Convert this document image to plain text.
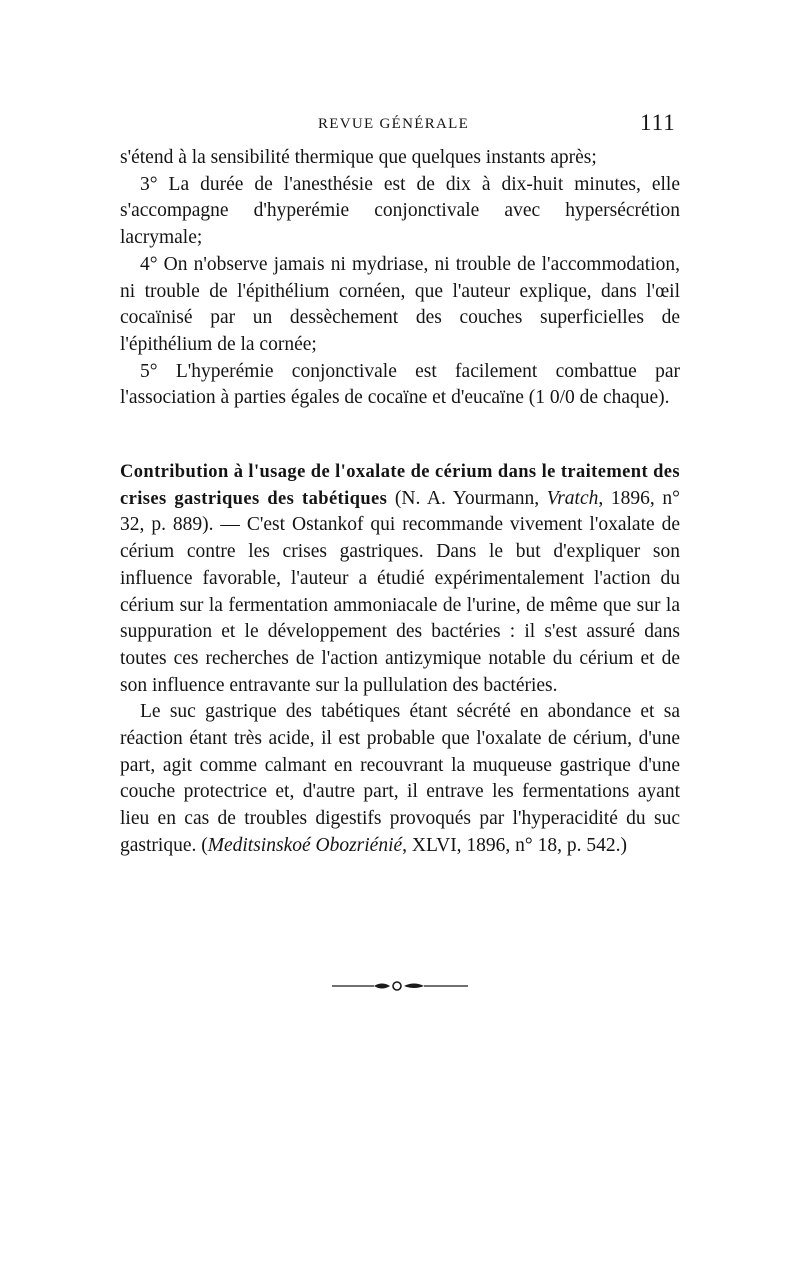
REVUE GÉNÉRALE	111

s'étend à la sensibilité thermique que quelques instants après;

3° La durée de l'anesthésie est de dix à dix-huit minutes, elle s'accompagne d'hyperémie conjonctivale avec hypersécrétion lacrymale;

4° On n'observe jamais ni mydriase, ni trouble de l'accommodation, ni trouble de l'épithélium cornéen, que l'auteur explique, dans l'œil cocaïnisé par un dessèchement des couches superficielles de l'épithélium de la cornée;

5° L'hyperémie conjonctivale est facilement combattue par l'association à parties égales de cocaïne et d'eucaïne (1 0/0 de chaque).

Contribution à l'usage de l'oxalate de cérium dans le traitement des crises gastriques des tabétiques (N. A. Yourmann, Vratch, 1896, n° 32, p. 889). — C'est Ostankof qui recommande vivement l'oxalate de cérium contre les crises gastriques. Dans le but d'expliquer son influence favorable, l'auteur a étudié expérimentalement l'action du cérium sur la fermentation ammoniacale de l'urine, de même que sur la suppuration et le développement des bactéries : il s'est assuré dans toutes ces recherches de l'action antizymique notable du cérium et de son influence entravante sur la pullulation des bactéries.

Le suc gastrique des tabétiques étant sécrété en abondance et sa réaction étant très acide, il est probable que l'oxalate de cérium, d'une part, agit comme calmant en recouvrant la muqueuse gastrique d'une couche protectrice et, d'autre part, il entrave les fermentations ayant lieu en cas de troubles digestifs provoqués par l'hyperacidité du suc gastrique. (Meditsinskoé Obozriénié, XLVI, 1896, n° 18, p. 542.)
